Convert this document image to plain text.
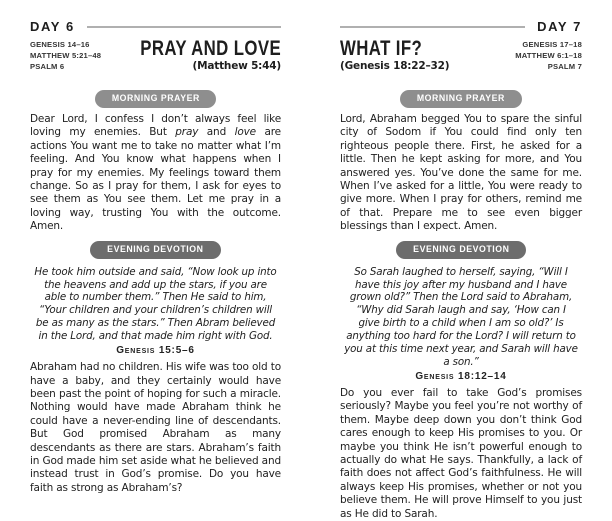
DAY 6
GENESIS 14–16
MATTHEW 5:21–48
PSALM 6
PRAY AND LOVE
(Matthew 5:44)
MORNING PRAYER

Dear Lord, I confess I don’t always feel like loving my enemies. But pray and love are actions You want me to take no matter what I’m feeling. And You know what happens when I pray for my enemies. My feelings toward them change. So as I pray for them, I ask for eyes to see them as You see them. Let me pray in a loving way, trusting You with the outcome. Amen.

EVENING DEVOTION

He took him outside and said, “Now look up into the heavens and add up the stars, if you are able to number them.” Then He said to him, “Your children and your children’s children will be as many as the stars.” Then Abram believed in the Lord, and that made him right with God.

Genesis 15:5–6

Abraham had no children. His wife was too old to have a baby, and they certainly would have been past the point of hoping for such a miracle. Nothing would have made Abraham think he could have a never-ending line of descendants. But God promised Abraham as many descendants as there are stars. Abraham’s faith in God made him set aside what he believed and instead trust in God’s promise. Do you have faith as strong as Abraham’s?

DAY 7
GENESIS 17–18
MATTHEW 6:1–18
PSALM 7
WHAT IF?
(Genesis 18:22–32)
MORNING PRAYER

Lord, Abraham begged You to spare the sinful city of Sodom if You could find only ten righteous people there. First, he asked for a little. Then he kept asking for more, and You answered yes. You’ve done the same for me. When I’ve asked for a little, You were ready to give more. When I pray for others, remind me of that. Prepare me to see even bigger blessings than I expect. Amen.

EVENING DEVOTION

So Sarah laughed to herself, saying, “Will I have this joy after my husband and I have grown old?” Then the Lord said to Abraham, “Why did Sarah laugh and say, ‘How can I give birth to a child when I am so old?’ Is anything too hard for the Lord? I will return to you at this time next year, and Sarah will have a son.”

Genesis 18:12–14

Do you ever fail to take God’s promises seriously? Maybe you feel you’re not worthy of them. Maybe deep down you don’t think God cares enough to keep His promises to you. Or maybe you think He isn’t powerful enough to actually do what He says. Thankfully, a lack of faith does not affect God’s faithfulness. He will always keep His promises, whether or not you believe them. He will prove Himself to you just as He did to Sarah.
